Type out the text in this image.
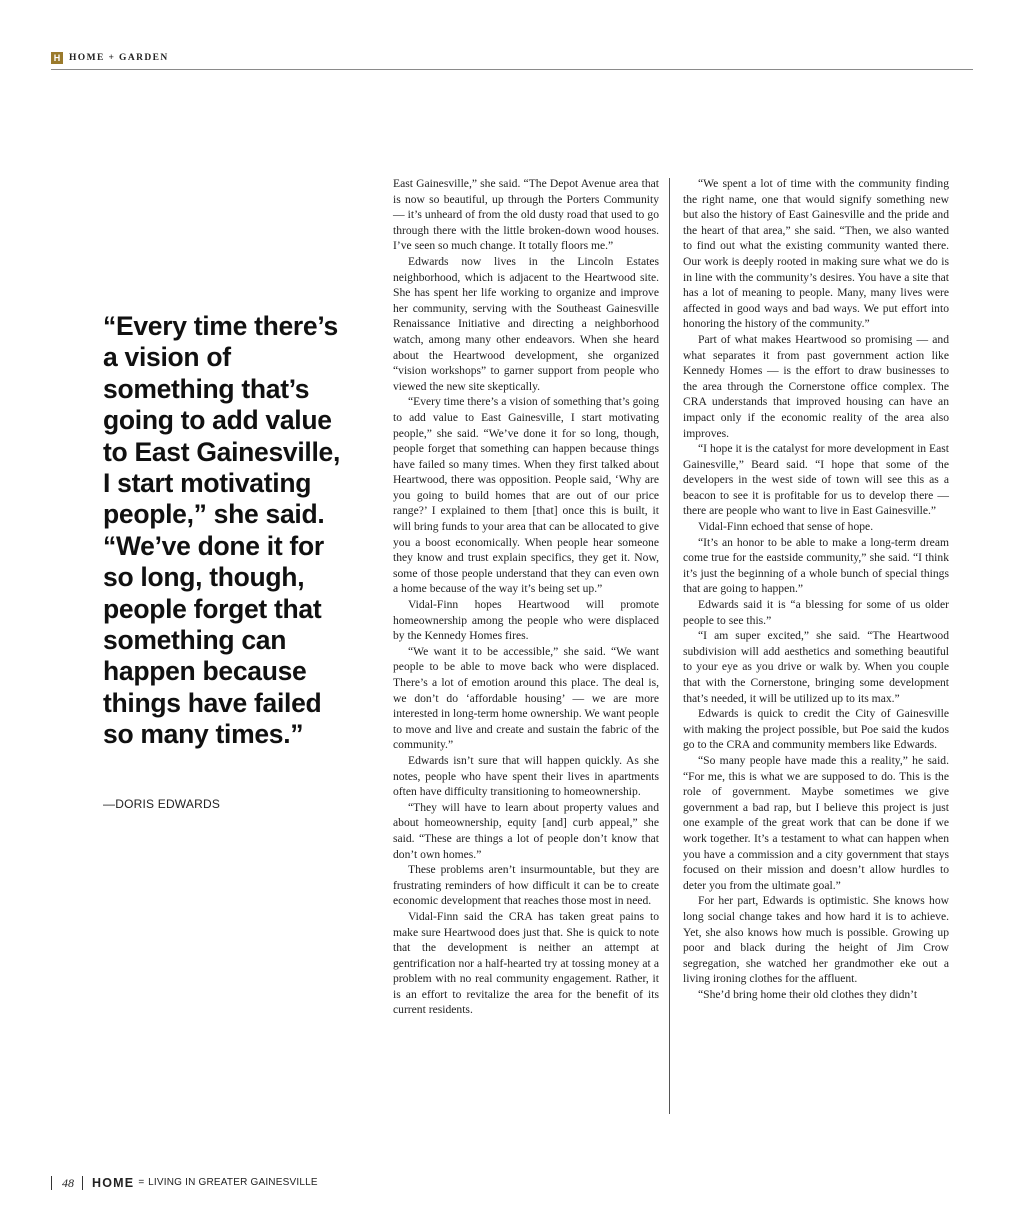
H HOME + GARDEN

“Every time there’s a vision of something that’s going to add value to East Gainesville, I start motivating people,” she said. “We’ve done it for so long, though, people forget that something can happen because things have failed so many times.”

—DORIS EDWARDS

East Gainesville,” she said. “The Depot Avenue area that is now so beautiful, up through the Porters Community — it’s unheard of from the old dusty road that used to go through there with the little broken-down wood houses. I’ve seen so much change. It totally floors me.”

Edwards now lives in the Lincoln Estates neighborhood, which is adjacent to the Heartwood site. She has spent her life working to organize and improve her community, serving with the Southeast Gainesville Renaissance Initiative and directing a neighborhood watch, among many other endeavors. When she heard about the Heartwood development, she organized “vision workshops” to garner support from people who viewed the new site skeptically.

“Every time there’s a vision of something that’s going to add value to East Gainesville, I start motivating people,” she said. “We’ve done it for so long, though, people forget that something can happen because things have failed so many times. When they first talked about Heartwood, there was opposition. People said, ‘Why are you going to build homes that are out of our price range?’ I explained to them [that] once this is built, it will bring funds to your area that can be allocated to give you a boost economically. When people hear someone they know and trust explain specifics, they get it. Now, some of those people understand that they can even own a home because of the way it’s being set up.”

Vidal-Finn hopes Heartwood will promote homeownership among the people who were displaced by the Kennedy Homes fires.

“We want it to be accessible,” she said. “We want people to be able to move back who were displaced. There’s a lot of emotion around this place. The deal is, we don’t do ‘affordable housing’ — we are more interested in long-term home ownership. We want people to move and live and create and sustain the fabric of the community.”

Edwards isn’t sure that will happen quickly. As she notes, people who have spent their lives in apartments often have difficulty transitioning to homeownership.

“They will have to learn about property values and about homeownership, equity [and] curb appeal,” she said. “These are things a lot of people don’t know that don’t own homes.”

These problems aren’t insurmountable, but they are frustrating reminders of how difficult it can be to create economic development that reaches those most in need.

Vidal-Finn said the CRA has taken great pains to make sure Heartwood does just that. She is quick to note that the development is neither an attempt at gentrification nor a half-hearted try at tossing money at a problem with no real community engagement. Rather, it is an effort to revitalize the area for the benefit of its current residents.

“We spent a lot of time with the community finding the right name, one that would signify something new but also the history of East Gainesville and the pride and the heart of that area,” she said. “Then, we also wanted to find out what the existing community wanted there. Our work is deeply rooted in making sure what we do is in line with the community’s desires. You have a site that has a lot of meaning to people. Many, many lives were affected in good ways and bad ways. We put effort into honoring the history of the community.”

Part of what makes Heartwood so promising — and what separates it from past government action like Kennedy Homes — is the effort to draw businesses to the area through the Cornerstone office complex. The CRA understands that improved housing can have an impact only if the economic reality of the area also improves.

“I hope it is the catalyst for more development in East Gainesville,” Beard said. “I hope that some of the developers in the west side of town will see this as a beacon to see it is profitable for us to develop there — there are people who want to live in East Gainesville.”

Vidal-Finn echoed that sense of hope.

“It’s an honor to be able to make a long-term dream come true for the eastside community,” she said. “I think it’s just the beginning of a whole bunch of special things that are going to happen.”

Edwards said it is “a blessing for some of us older people to see this.”

“I am super excited,” she said. “The Heartwood subdivision will add aesthetics and something beautiful to your eye as you drive or walk by. When you couple that with the Cornerstone, bringing some development that’s needed, it will be utilized up to its max.”

Edwards is quick to credit the City of Gainesville with making the project possible, but Poe said the kudos go to the CRA and community members like Edwards.

“So many people have made this a reality,” he said. “For me, this is what we are supposed to do. This is the role of government. Maybe sometimes we give government a bad rap, but I believe this project is just one example of the great work that can be done if we work together. It’s a testament to what can happen when you have a commission and a city government that stays focused on their mission and doesn’t allow hurdles to deter you from the ultimate goal.”

For her part, Edwards is optimistic. She knows how long social change takes and how hard it is to achieve. Yet, she also knows how much is possible. Growing up poor and black during the height of Jim Crow segregation, she watched her grandmother eke out a living ironing clothes for the affluent.

“She’d bring home their old clothes they didn’t

48 HOME = LIVING IN GREATER GAINESVILLE
